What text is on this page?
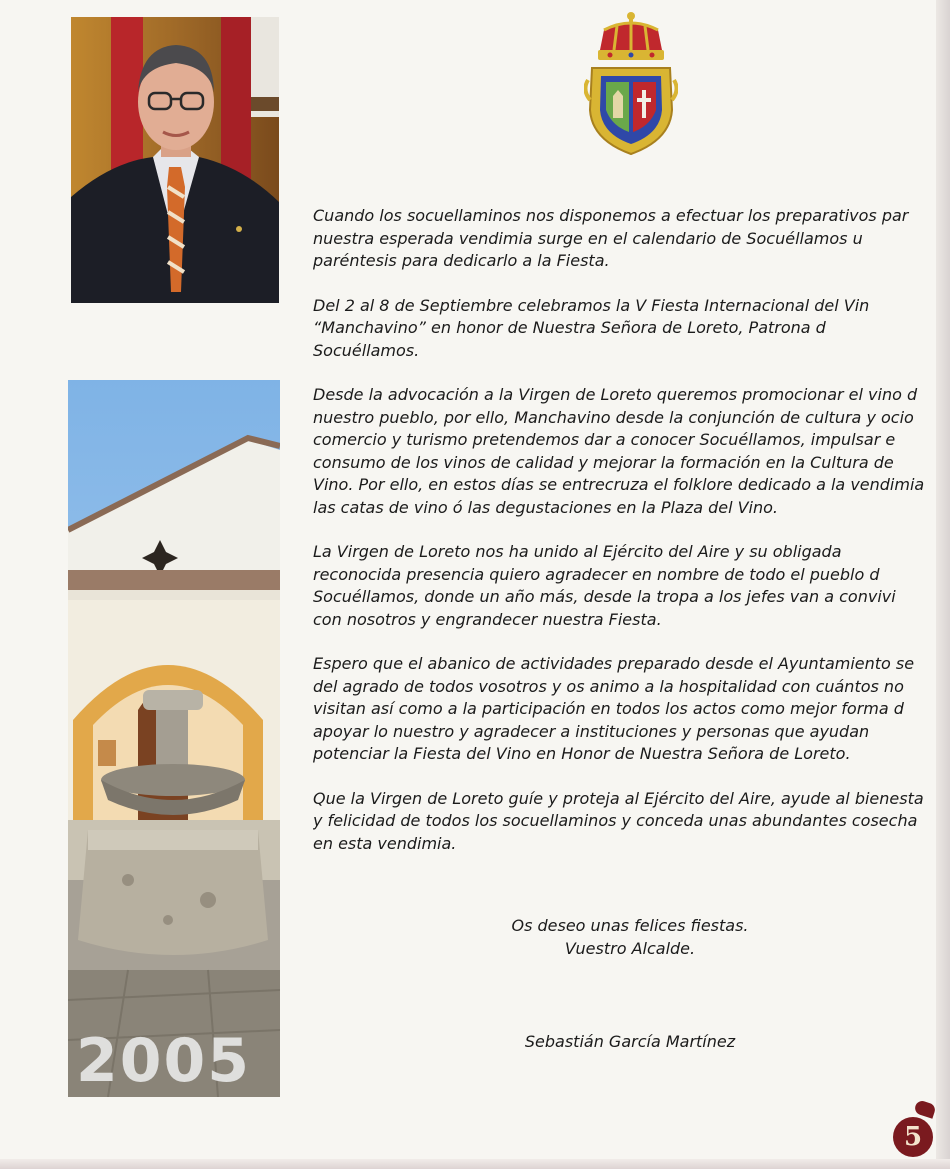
2005

Cuando los socuellaminos nos disponemos a efectuar los preparativos par
nuestra esperada vendimia surge en el calendario de Socuéllamos u
paréntesis para dedicarlo a la Fiesta.

Del 2 al 8 de Septiembre celebramos la V Fiesta Internacional del Vin
“Manchavino” en honor de Nuestra Señora de Loreto, Patrona d
Socuéllamos.

Desde la advocación a la Virgen de Loreto queremos promocionar el vino d
nuestro pueblo, por ello, Manchavino desde la conjunción de cultura y ocio
comercio y turismo pretendemos dar a conocer Socuéllamos, impulsar e
consumo de los vinos de calidad y mejorar la formación en la Cultura de
Vino. Por ello, en estos días se entrecruza el folklore dedicado a la vendimia
las catas de vino ó las degustaciones en la Plaza del Vino.

La Virgen de Loreto nos ha unido al Ejército del Aire y su obligada
reconocida presencia quiero agradecer en nombre de todo el pueblo d
Socuéllamos, donde un año más, desde la tropa a los jefes van a convivi
con nosotros y engrandecer nuestra Fiesta.

Espero que el abanico de actividades preparado desde el Ayuntamiento se
del agrado de todos vosotros y os animo a la hospitalidad con cuántos no
visitan así como a la participación en todos los actos como mejor forma d
apoyar lo nuestro y agradecer a instituciones y personas que ayudan
potenciar la Fiesta del Vino en Honor de Nuestra Señora de Loreto.

Que la Virgen de Loreto guíe y proteja al Ejército del Aire, ayude al bienesta
y felicidad de todos los socuellaminos y conceda unas abundantes cosecha
en esta vendimia.

Os deseo unas felices fiestas.
Vuestro Alcalde.
Sebastián García Martínez
5
